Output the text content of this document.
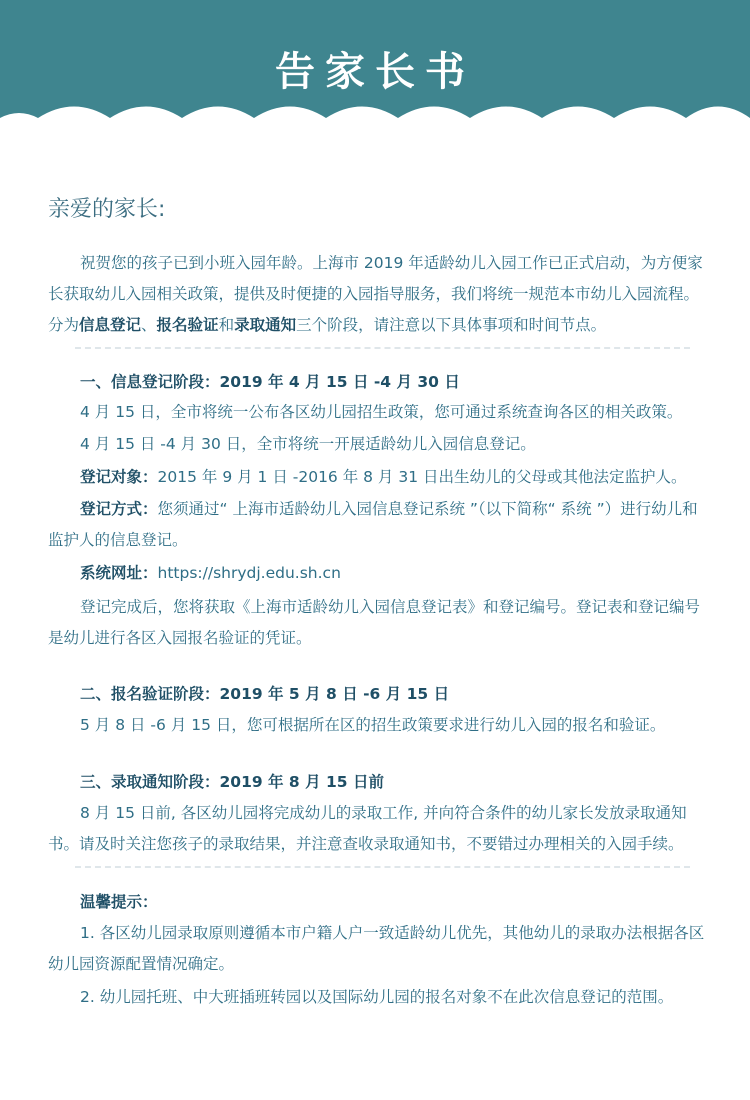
告家长书
亲爱的家长:

祝贺您的孩子已到小班入园年龄。上海市 2019 年适龄幼儿入园工作已正式启动，为方便家长获取幼儿入园相关政策，提供及时便捷的入园指导服务，我们将统一规范本市幼儿入园流程。分为信息登记、报名验证和录取通知三个阶段，请注意以下具体事项和时间节点。

一、信息登记阶段：2019 年 4 月 15 日 -4 月 30 日

4 月 15 日，全市将统一公布各区幼儿园招生政策，您可通过系统查询各区的相关政策。

4 月 15 日 -4 月 30 日，全市将统一开展适龄幼儿入园信息登记。

登记对象：2015 年 9 月 1 日 -2016 年 8 月 31 日出生幼儿的父母或其他法定监护人。

登记方式：您须通过“ 上海市适龄幼儿入园信息登记系统 ”（以下简称“ 系统 ”）进行幼儿和监护人的信息登记。

系统网址：https://shrydj.edu.sh.cn

登记完成后，您将获取《上海市适龄幼儿入园信息登记表》和登记编号。登记表和登记编号是幼儿进行各区入园报名验证的凭证。

二、报名验证阶段：2019 年 5 月 8 日 -6 月 15 日

5 月 8 日 -6 月 15 日，您可根据所在区的招生政策要求进行幼儿入园的报名和验证。

三、录取通知阶段：2019 年 8 月 15 日前

8 月 15 日前, 各区幼儿园将完成幼儿的录取工作, 并向符合条件的幼儿家长发放录取通知书。请及时关注您孩子的录取结果，并注意查收录取通知书，不要错过办理相关的入园手续。

温馨提示：

1. 各区幼儿园录取原则遵循本市户籍人户一致适龄幼儿优先，其他幼儿的录取办法根据各区幼儿园资源配置情况确定。

2. 幼儿园托班、中大班插班转园以及国际幼儿园的报名对象不在此次信息登记的范围。
